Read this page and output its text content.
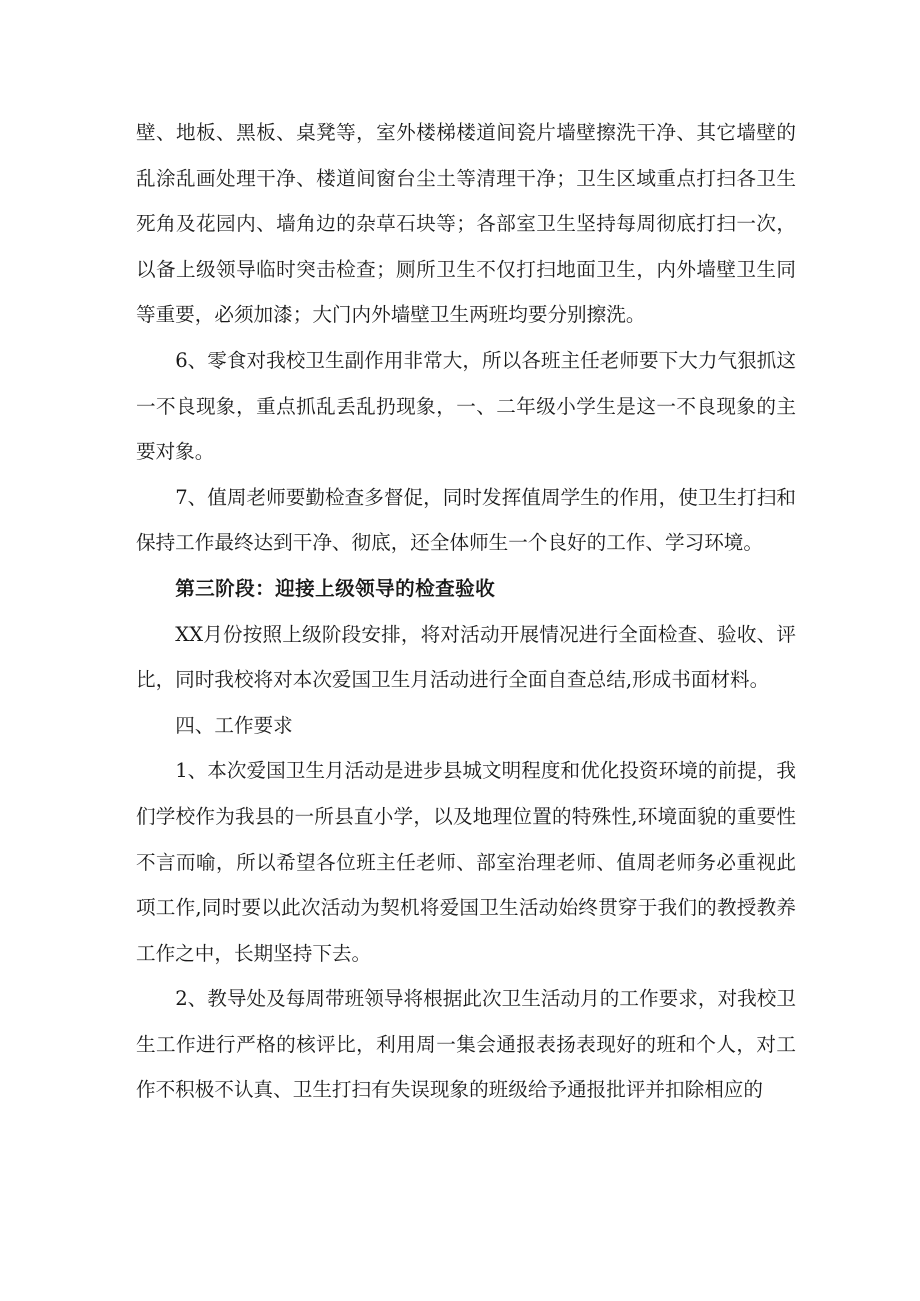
壁、地板、黑板、桌凳等，室外楼梯楼道间瓷片墙壁擦洗干净、其它墙壁的乱涂乱画处理干净、楼道间窗台尘土等清理干净；卫生区域重点打扫各卫生死角及花园内、墙角边的杂草石块等；各部室卫生坚持每周彻底打扫一次，以备上级领导临时突击检查；厕所卫生不仅打扫地面卫生，内外墙壁卫生同等重要，必须加漆；大门内外墙壁卫生两班均要分别擦洗。

6、零食对我校卫生副作用非常大，所以各班主任老师要下大力气狠抓这一不良现象，重点抓乱丢乱扔现象，一、二年级小学生是这一不良现象的主要对象。

7、值周老师要勤检查多督促，同时发挥值周学生的作用，使卫生打扫和保持工作最终达到干净、彻底，还全体师生一个良好的工作、学习环境。

第三阶段：迎接上级领导的检查验收

XX月份按照上级阶段安排，将对活动开展情况进行全面检查、验收、评比，同时我校将对本次爱国卫生月活动进行全面自查总结,形成书面材料。

四、工作要求

1、本次爱国卫生月活动是进步县城文明程度和优化投资环境的前提，我们学校作为我县的一所县直小学，以及地理位置的特殊性,环境面貌的重要性不言而喻，所以希望各位班主任老师、部室治理老师、值周老师务必重视此项工作,同时要以此次活动为契机将爱国卫生活动始终贯穿于我们的教授教养工作之中，长期坚持下去。

2、教导处及每周带班领导将根据此次卫生活动月的工作要求，对我校卫生工作进行严格的核评比，利用周一集会通报表扬表现好的班和个人，对工作不积极不认真、卫生打扫有失误现象的班级给予通报批评并扣除相应的
